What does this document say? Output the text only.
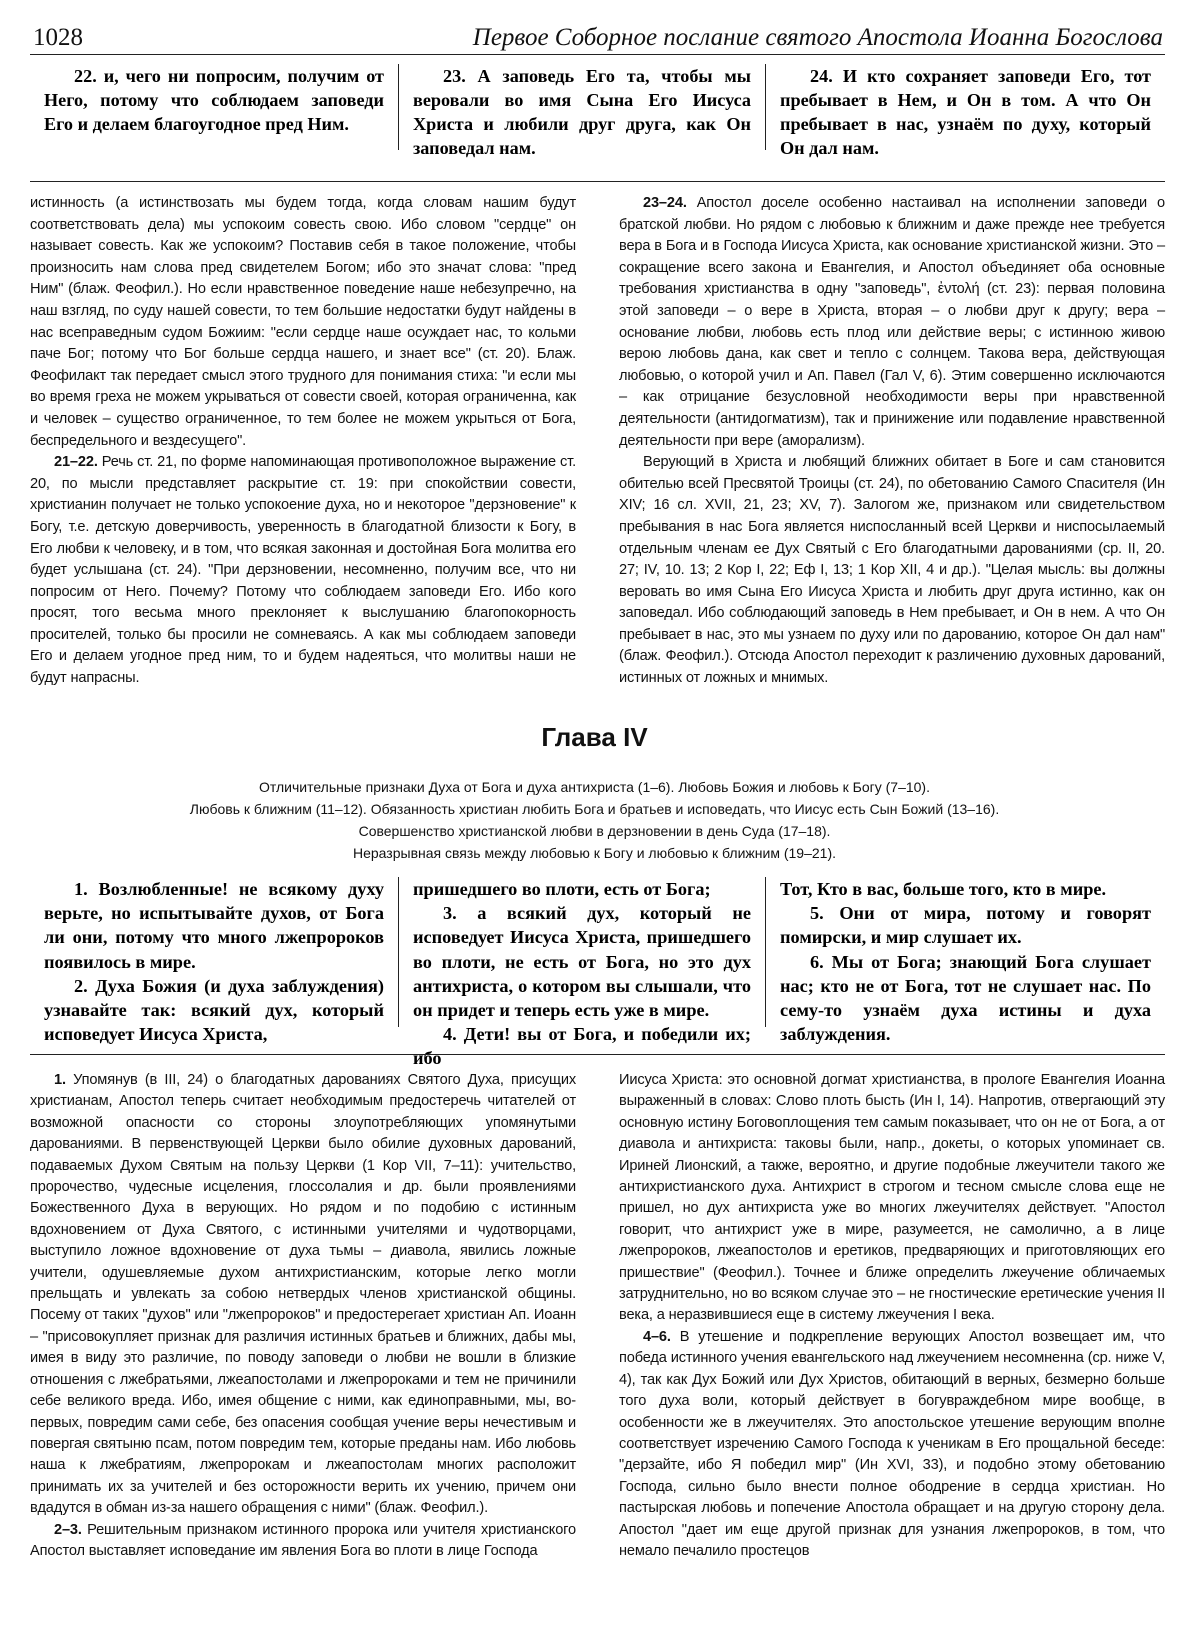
1028	Первое Соборное послание святого Апостола Иоанна Богослова

22. и, чего ни попросим, получим от Него, потому что соблюдаем заповеди Его и делаем благоугодное пред Ним.

23. А заповедь Его та, чтобы мы веровали во имя Сына Его Иисуса Христа и любили друг друга, как Он заповедал нам.

24. И кто сохраняет заповеди Его, тот пребывает в Нем, и Он в том. А что Он пребывает в нас, узнаём по духу, который Он дал нам.

истинность (а истинствозать мы будем тогда, когда словам нашим будут соответствовать дела) мы успокоим совесть свою. Ибо словом "сердце" он называет совесть. Как же успокоим? Поставив себя в такое положение, чтобы произносить нам слова пред свидетелем Богом; ибо это значат слова: "пред Ним" (блаж. Феофил.). Но если нравственное поведение наше небезупречно, на наш взгляд, по суду нашей совести, то тем большие недостатки будут найдены в нас всеправедным судом Божиим: "если сердце наше осуждает нас, то кольми паче Бог; потому что Бог больше сердца нашего, и знает все" (ст. 20). Блаж. Феофилакт так передает смысл этого трудного для понимания стиха: "и если мы во время греха не можем укрываться от совести своей, которая ограниченна, как и человек – существо ограниченное, то тем более не можем укрыться от Бога, беспредельного и вездесущего".

21–22. Речь ст. 21, по форме напоминающая противоположное выражение ст. 20, по мысли представляет раскрытие ст. 19: при спокойствии совести, христианин получает не только успокоение духа, но и некоторое "дерзновение" к Богу, т.е. детскую доверчивость, уверенность в благодатной близости к Богу, в Его любви к человеку, и в том, что всякая законная и достойная Бога молитва его будет услышана (ст. 24). "При дерзновении, несомненно, получим все, что ни попросим от Него. Почему? Потому что соблюдаем заповеди Его. Ибо кого просят, того весьма много преклоняет к выслушанию благопокорность просителей, только бы просили не сомневаясь. А как мы соблюдаем заповеди Его и делаем угодное пред ним, то и будем надеяться, что молитвы наши не будут напрасны.

23–24. Апостол доселе особенно настаивал на исполнении заповеди о братской любви. Но рядом с любовью к ближним и даже прежде нее требуется вера в Бога и в Господа Иисуса Христа, как основание христианской жизни. Это – сокращение всего закона и Евангелия, и Апостол объединяет оба основные требования христианства в одну "заповедь", ἐντολή (ст. 23): первая половина этой заповеди – о вере в Христа, вторая – о любви друг к другу; вера – основание любви, любовь есть плод или действие веры; с истинною живою верою любовь дана, как свет и тепло с солнцем. Такова вера, действующая любовью, о которой учил и Ап. Павел (Гал V, 6). Этим совершенно исключаются – как отрицание безусловной необходимости веры при нравственной деятельности (антидогматизм), так и принижение или подавление нравственной деятельности при вере (аморализм).

Верующий в Христа и любящий ближних обитает в Боге и сам становится обителью всей Пресвятой Троицы (ст. 24), по обетованию Самого Спасителя (Ин XIV; 16 сл. XVII, 21, 23; XV, 7). Залогом же, признаком или свидетельством пребывания в нас Бога является ниспосланный всей Церкви и ниспосылаемый отдельным членам ее Дух Святый с Его благодатными дарованиями (ср. II, 20. 27; IV, 10. 13; 2 Кор I, 22; Еф I, 13; 1 Кор XII, 4 и др.). "Целая мысль: вы должны веровать во имя Сына Его Иисуса Христа и любить друг друга истинно, как он заповедал. Ибо соблюдающий заповедь в Нем пребывает, и Он в нем. А что Он пребывает в нас, это мы узнаем по духу или по дарованию, которое Он дал нам" (блаж. Феофил.). Отсюда Апостол переходит к различению духовных дарований, истинных от ложных и мнимых.

Глава IV
Отличительные признаки Духа от Бога и духа антихриста (1–6). Любовь Божия и любовь к Богу (7–10).
Любовь к ближним (11–12). Обязанность христиан любить Бога и братьев и исповедать, что Иисус есть Сын Божий (13–16).
Совершенство христианской любви в дерзновении в день Суда (17–18).
Неразрывная связь между любовью к Богу и любовью к ближним (19–21).

1. Возлюбленные! не всякому духу верьте, но испытывайте духов, от Бога ли они, потому что много лжепророков появилось в мире.

2. Духа Божия (и духа заблуждения) узнавайте так: всякий дух, который исповедует Иисуса Христа,

пришедшего во плоти, есть от Бога;

3. а всякий дух, который не исповедует Иисуса Христа, пришедшего во плоти, не есть от Бога, но это дух антихриста, о котором вы слышали, что он придет и теперь есть уже в мире.

4. Дети! вы от Бога, и победили их; ибо

Тот, Кто в вас, больше того, кто в мире.

5. Они от мира, потому и говорят помирски, и мир слушает их.

6. Мы от Бога; знающий Бога слушает нас; кто не от Бога, тот не слушает нас. По сему-то узнаём духа истины и духа заблуждения.

1. Упомянув (в III, 24) о благодатных дарованиях Святого Духа, присущих христианам, Апостол теперь считает необходимым предостеречь читателей от возможной опасности со стороны злоупотребляющих упомянутыми дарованиями. В первенствующей Церкви было обилие духовных дарований, подаваемых Духом Святым на пользу Церкви (1 Кор VII, 7–11): учительство, пророчество, чудесные исцеления, глоссолалия и др. были проявлениями Божественного Духа в верующих. Но рядом и по подобию с истинным вдохновением от Духа Святого, с истинными учителями и чудотворцами, выступило ложное вдохновение от духа тьмы – диавола, явились ложные учители, одушевляемые духом антихристианским, которые легко могли прельщать и увлекать за собою нетвердых членов христианской общины. Посему от таких "духов" или "лжепророков" и предостерегает христиан Ап. Иоанн – "присовокупляет признак для различия истинных братьев и ближних, дабы мы, имея в виду это различие, по поводу заповеди о любви не вошли в близкие отношения с лжебратьями, лжеапостолами и лжепророками и тем не причинили себе великого вреда. Ибо, имея общение с ними, как единоправными, мы, во-первых, повредим сами себе, без опасения сообщая учение веры нечестивым и повергая святыню псам, потом повредим тем, которые преданы нам. Ибо любовь наша к лжебратиям, лжепророкам и лжеапостолам многих расположит принимать их за учителей и без осторожности верить их учению, причем они вдадутся в обман из-за нашего обращения с ними" (блаж. Феофил.).

2–3. Решительным признаком истинного пророка или учителя христианского Апостол выставляет исповедание им явления Бога во плоти в лице Господа

Иисуса Христа: это основной догмат христианства, в прологе Евангелия Иоанна выраженный в словах: Слово плоть бысть (Ин I, 14). Напротив, отвергающий эту основную истину Боговоплощения тем самым показывает, что он не от Бога, а от диавола и антихриста: таковы были, напр., докеты, о которых упоминает св. Ириней Лионский, а также, вероятно, и другие подобные лжеучители такого же антихристианского духа. Антихрист в строгом и тесном смысле слова еще не пришел, но дух антихриста уже во многих лжеучителях действует. "Апостол говорит, что антихрист уже в мире, разумеется, не самолично, а в лице лжепророков, лжеапостолов и еретиков, предваряющих и приготовляющих его пришествие" (Феофил.). Точнее и ближе определить лжеучение обличаемых затруднительно, но во всяком случае это – не гностические еретические учения II века, а неразвившиеся еще в систему лжеучения I века.

4–6. В утешение и подкрепление верующих Апостол возвещает им, что победа истинного учения евангельского над лжеучением несомненна (ср. ниже V, 4), так как Дух Божий или Дух Христов, обитающий в верных, безмерно больше того духа воли, который действует в богувраждебном мире вообще, в особенности же в лжеучителях. Это апостольское утешение верующим вполне соответствует изречению Самого Господа к ученикам в Его прощальной беседе: "дерзайте, ибо Я победил мир" (Ин XVI, 33), и подобно этому обетованию Господа, сильно было внести полное ободрение в сердца христиан. Но пастырская любовь и попечение Апостола обращает и на другую сторону дела. Апостол "дает им еще другой признак для узнания лжепророков, в том, что немало печалило простецов
